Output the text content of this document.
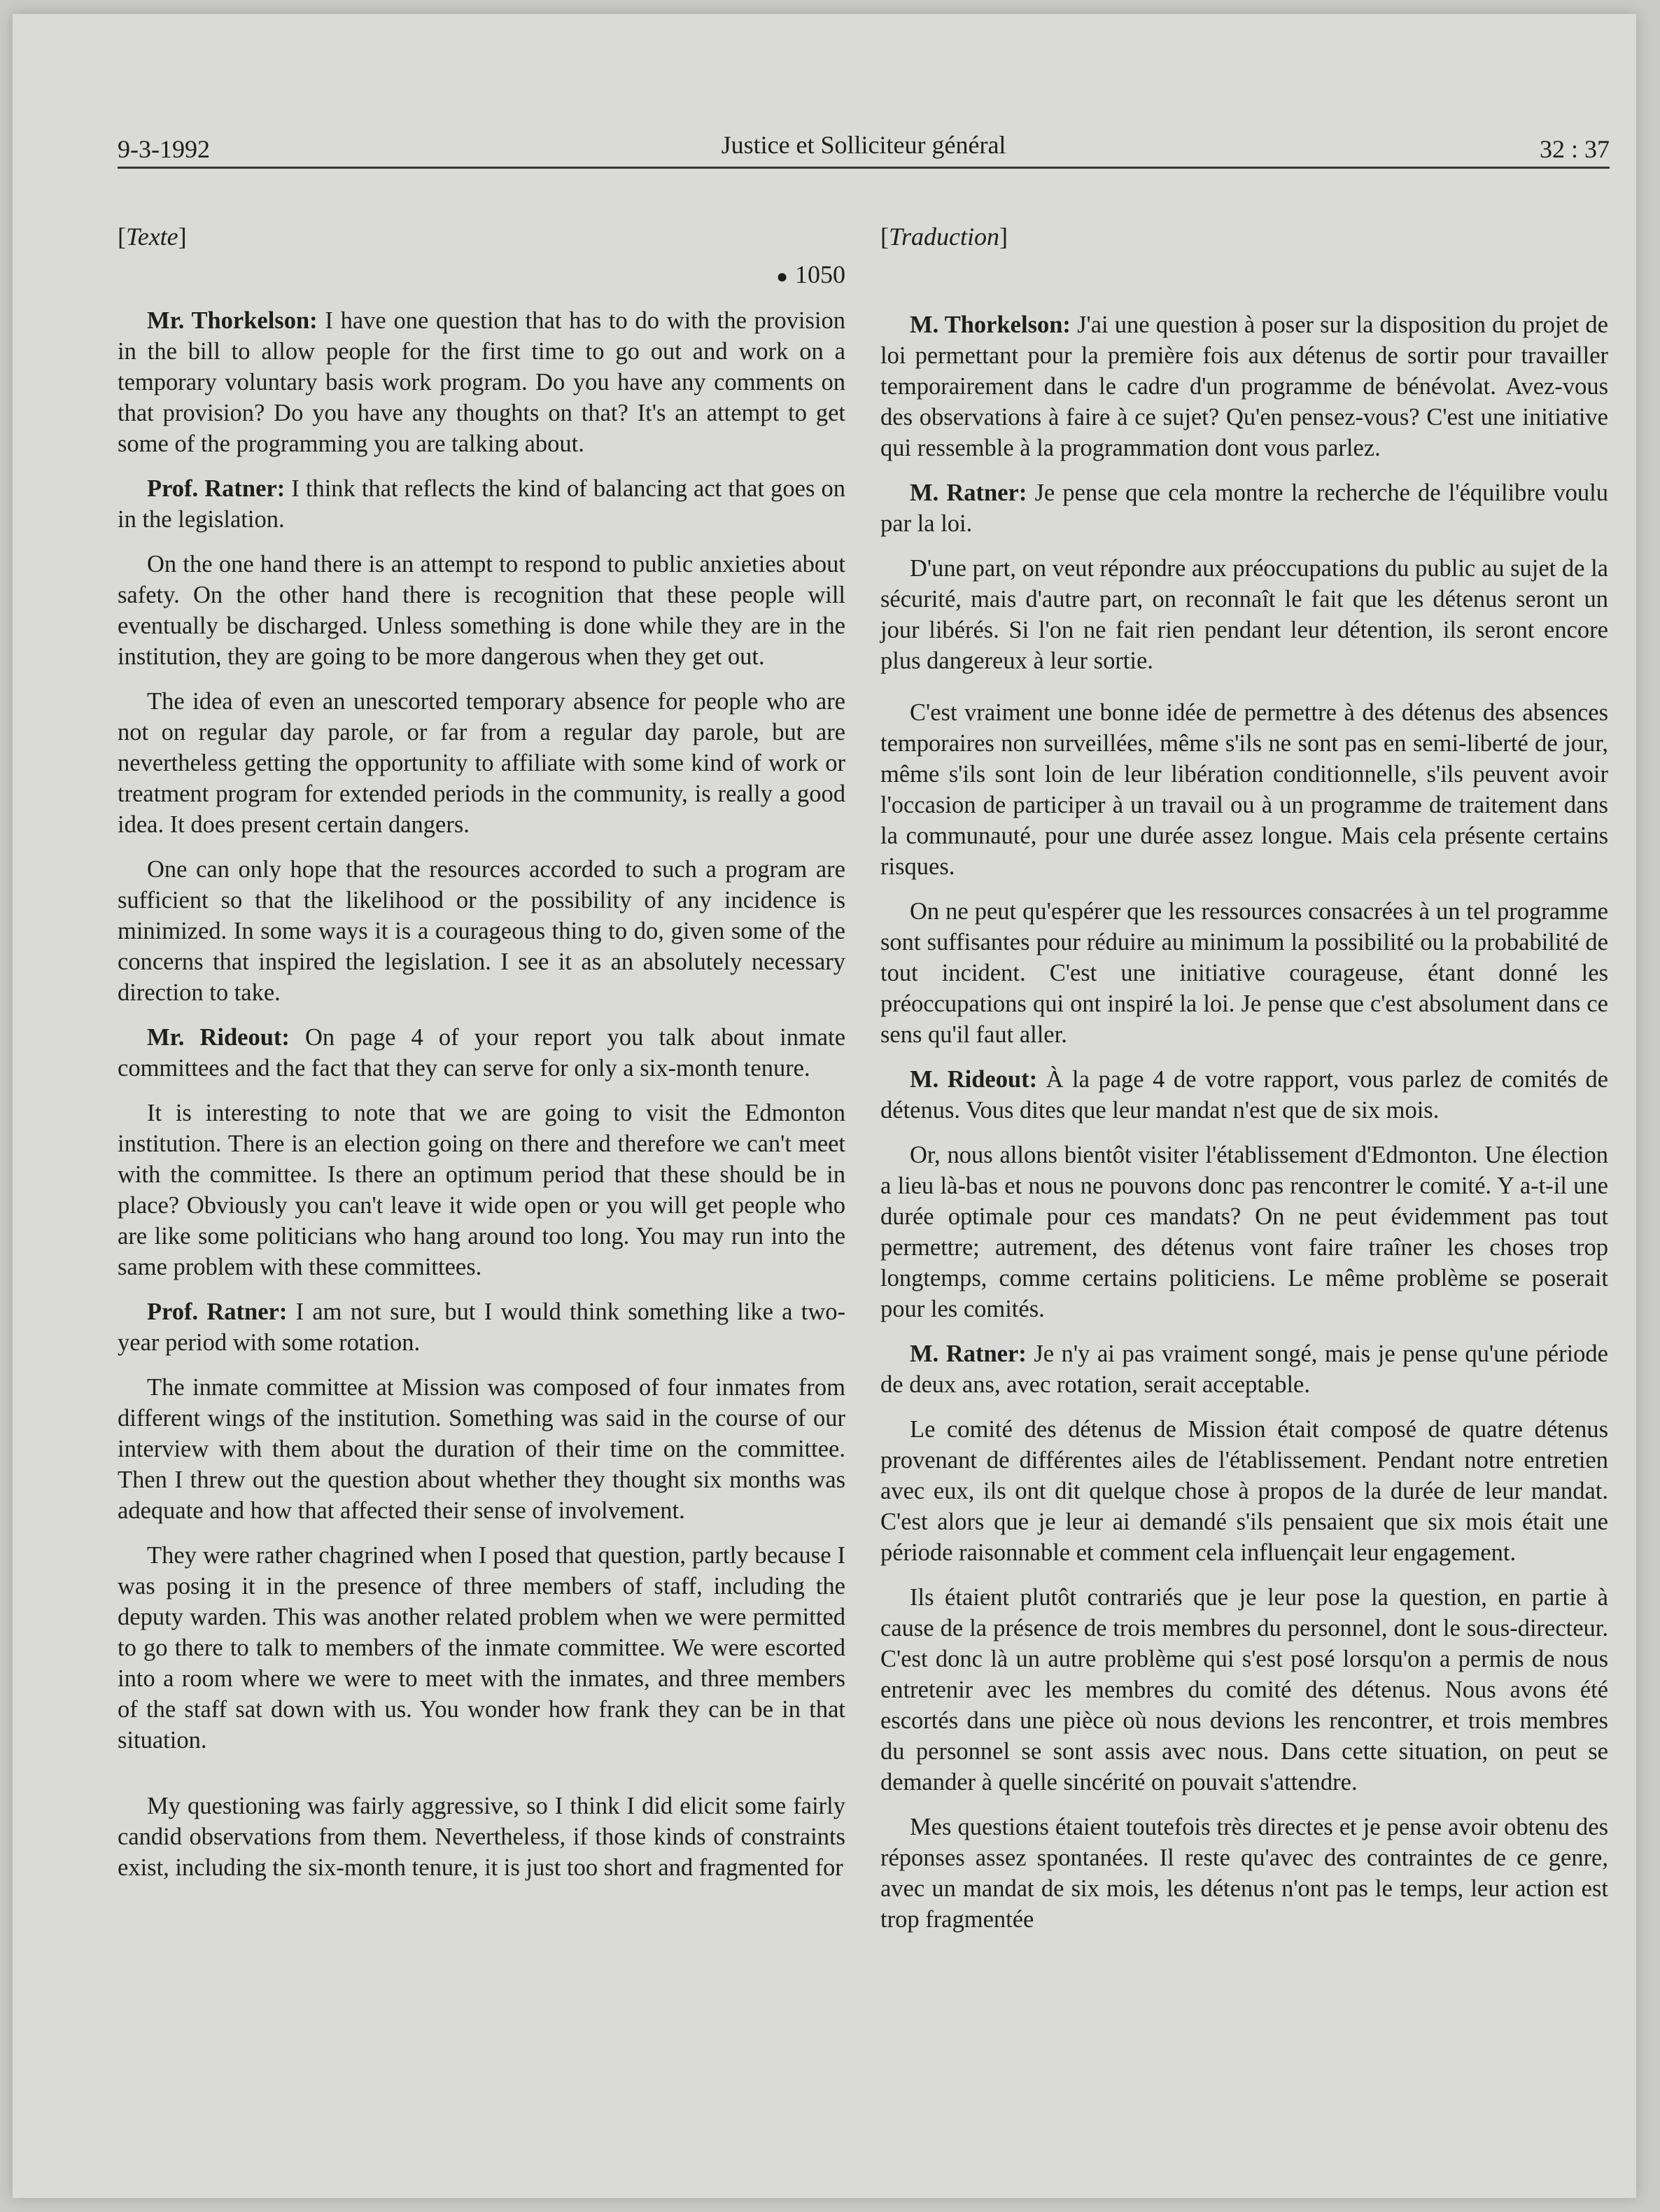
9-3-1992	Justice et Solliciteur général	32 : 37
[Texte]
● 1050

Mr. Thorkelson: I have one question that has to do with the provision in the bill to allow people for the first time to go out and work on a temporary voluntary basis work program. Do you have any comments on that provision? Do you have any thoughts on that? It's an attempt to get some of the programming you are talking about.

Prof. Ratner: I think that reflects the kind of balancing act that goes on in the legislation.

On the one hand there is an attempt to respond to public anxieties about safety. On the other hand there is recognition that these people will eventually be discharged. Unless something is done while they are in the institution, they are going to be more dangerous when they get out.

The idea of even an unescorted temporary absence for people who are not on regular day parole, or far from a regular day parole, but are nevertheless getting the opportunity to affiliate with some kind of work or treatment program for extended periods in the community, is really a good idea. It does present certain dangers.

One can only hope that the resources accorded to such a program are sufficient so that the likelihood or the possibility of any incidence is minimized. In some ways it is a courageous thing to do, given some of the concerns that inspired the legislation. I see it as an absolutely necessary direction to take.

Mr. Rideout: On page 4 of your report you talk about inmate committees and the fact that they can serve for only a six-month tenure.

It is interesting to note that we are going to visit the Edmonton institution. There is an election going on there and therefore we can't meet with the committee. Is there an optimum period that these should be in place? Obviously you can't leave it wide open or you will get people who are like some politicians who hang around too long. You may run into the same problem with these committees.

Prof. Ratner: I am not sure, but I would think something like a two-year period with some rotation.

The inmate committee at Mission was composed of four inmates from different wings of the institution. Something was said in the course of our interview with them about the duration of their time on the committee. Then I threw out the question about whether they thought six months was adequate and how that affected their sense of involvement.

They were rather chagrined when I posed that question, partly because I was posing it in the presence of three members of staff, including the deputy warden. This was another related problem when we were permitted to go there to talk to members of the inmate committee. We were escorted into a room where we were to meet with the inmates, and three members of the staff sat down with us. You wonder how frank they can be in that situation.

My questioning was fairly aggressive, so I think I did elicit some fairly candid observations from them. Nevertheless, if those kinds of constraints exist, including the six-month tenure, it is just too short and fragmented for

[Traduction]

M. Thorkelson: J'ai une question à poser sur la disposition du projet de loi permettant pour la première fois aux détenus de sortir pour travailler temporairement dans le cadre d'un programme de bénévolat. Avez-vous des observations à faire à ce sujet? Qu'en pensez-vous? C'est une initiative qui ressemble à la programmation dont vous parlez.

M. Ratner: Je pense que cela montre la recherche de l'équilibre voulu par la loi.

D'une part, on veut répondre aux préoccupations du public au sujet de la sécurité, mais d'autre part, on reconnaît le fait que les détenus seront un jour libérés. Si l'on ne fait rien pendant leur détention, ils seront encore plus dangereux à leur sortie.

C'est vraiment une bonne idée de permettre à des détenus des absences temporaires non surveillées, même s'ils ne sont pas en semi-liberté de jour, même s'ils sont loin de leur libération conditionnelle, s'ils peuvent avoir l'occasion de participer à un travail ou à un programme de traitement dans la communauté, pour une durée assez longue. Mais cela présente certains risques.

On ne peut qu'espérer que les ressources consacrées à un tel programme sont suffisantes pour réduire au minimum la possibilité ou la probabilité de tout incident. C'est une initiative courageuse, étant donné les préoccupations qui ont inspiré la loi. Je pense que c'est absolument dans ce sens qu'il faut aller.

M. Rideout: À la page 4 de votre rapport, vous parlez de comités de détenus. Vous dites que leur mandat n'est que de six mois.

Or, nous allons bientôt visiter l'établissement d'Edmonton. Une élection a lieu là-bas et nous ne pouvons donc pas rencontrer le comité. Y a-t-il une durée optimale pour ces mandats? On ne peut évidemment pas tout permettre; autrement, des détenus vont faire traîner les choses trop longtemps, comme certains politiciens. Le même problème se poserait pour les comités.

M. Ratner: Je n'y ai pas vraiment songé, mais je pense qu'une période de deux ans, avec rotation, serait acceptable.

Le comité des détenus de Mission était composé de quatre détenus provenant de différentes ailes de l'établissement. Pendant notre entretien avec eux, ils ont dit quelque chose à propos de la durée de leur mandat. C'est alors que je leur ai demandé s'ils pensaient que six mois était une période raisonnable et comment cela influençait leur engagement.

Ils étaient plutôt contrariés que je leur pose la question, en partie à cause de la présence de trois membres du personnel, dont le sous-directeur. C'est donc là un autre problème qui s'est posé lorsqu'on a permis de nous entretenir avec les membres du comité des détenus. Nous avons été escortés dans une pièce où nous devions les rencontrer, et trois membres du personnel se sont assis avec nous. Dans cette situation, on peut se demander à quelle sincérité on pouvait s'attendre.

Mes questions étaient toutefois très directes et je pense avoir obtenu des réponses assez spontanées. Il reste qu'avec des contraintes de ce genre, avec un mandat de six mois, les détenus n'ont pas le temps, leur action est trop fragmentée
